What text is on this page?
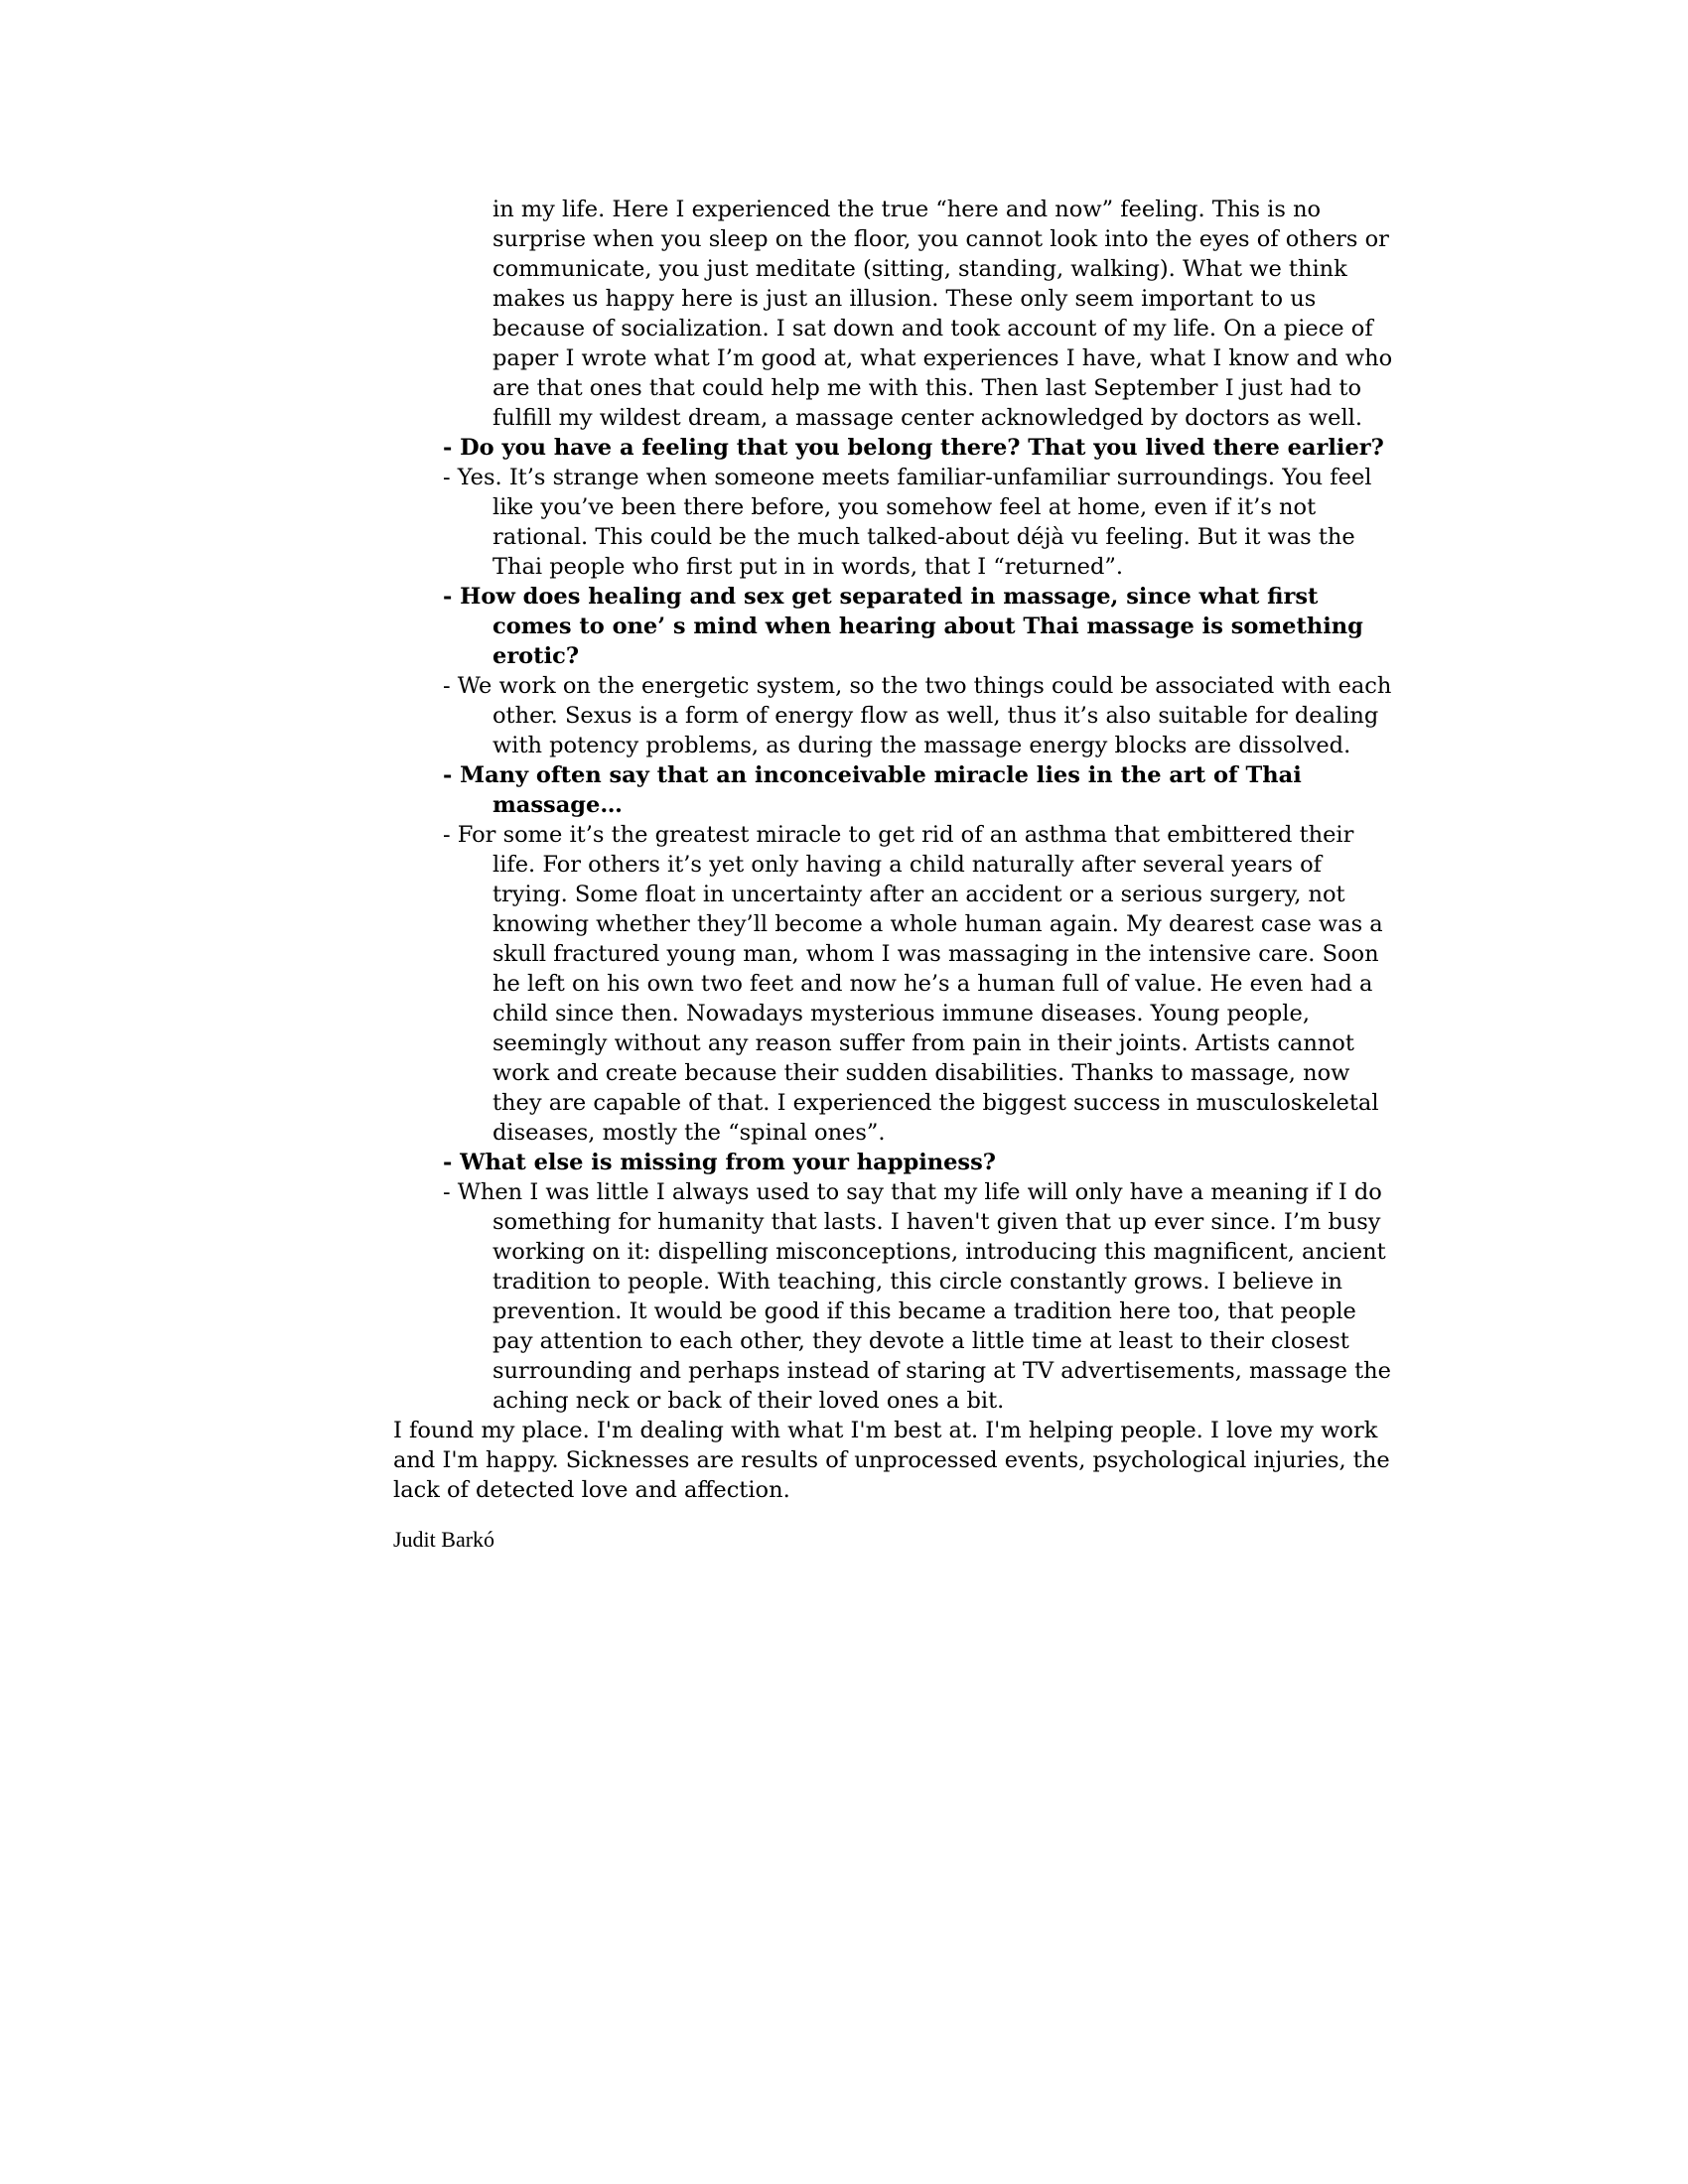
in my life. Here I experienced the true “here and now” feeling. This is no surprise when you sleep on the floor, you cannot look into the eyes of others or communicate, you just meditate (sitting, standing, walking). What we think makes us happy here is just an illusion. These only seem important to us because of socialization. I sat down and took account of my life. On a piece of paper I wrote what I’m good at, what experiences I have, what I know and who are that ones that could help me with this. Then last September I just had to fulfill my wildest dream, a massage center acknowledged by doctors as well.

- Do you have a feeling that you belong there? That you lived there earlier?

- Yes. It’s strange when someone meets familiar-unfamiliar surroundings. You feel like you’ve been there before, you somehow feel at home, even if it’s not rational. This could be the much talked-about déjà vu feeling. But it was the Thai people who first put in in words, that I “returned”.

- How does healing and sex get separated in massage, since what first comes to one’ s mind when hearing about Thai massage is something erotic?

- We work on the energetic system, so the two things could be associated with each other. Sexus is a form of energy flow as well, thus it’s also suitable for dealing with potency problems, as during the massage energy blocks are dissolved.

- Many often say that an inconceivable miracle lies in the art of Thai massage…

- For some it’s the greatest miracle to get rid of an asthma that embittered their life. For others it’s yet only having a child naturally after several years of trying. Some float in uncertainty after an accident or a serious surgery, not knowing whether they’ll become a whole human again. My dearest case was a skull fractured young man, whom I was massaging in the intensive care. Soon he left on his own two feet and now he’s a human full of value. He even had a child since then. Nowadays mysterious immune diseases. Young people, seemingly without any reason suffer from pain in their joints. Artists cannot work and create because their sudden disabilities. Thanks to massage, now they are capable of that. I experienced the biggest success in musculoskeletal diseases, mostly the “spinal ones”.

- What else is missing from your happiness?

- When I was little I always used to say that my life will only have a meaning if I do something for humanity that lasts. I haven't given that up ever since. I’m busy working on it: dispelling misconceptions, introducing this magnificent, ancient tradition to people. With teaching, this circle constantly grows. I believe in prevention. It would be good if this became a tradition here too, that people pay attention to each other, they devote a little time at least to their closest surrounding and perhaps instead of staring at TV advertisements, massage the aching neck or back of their loved ones a bit.

I found my place. I'm dealing with what I'm best at. I'm helping people. I love my work and I'm happy. Sicknesses are results of unprocessed events, psychological injuries, the lack of detected love and affection.

Judit Barkó
